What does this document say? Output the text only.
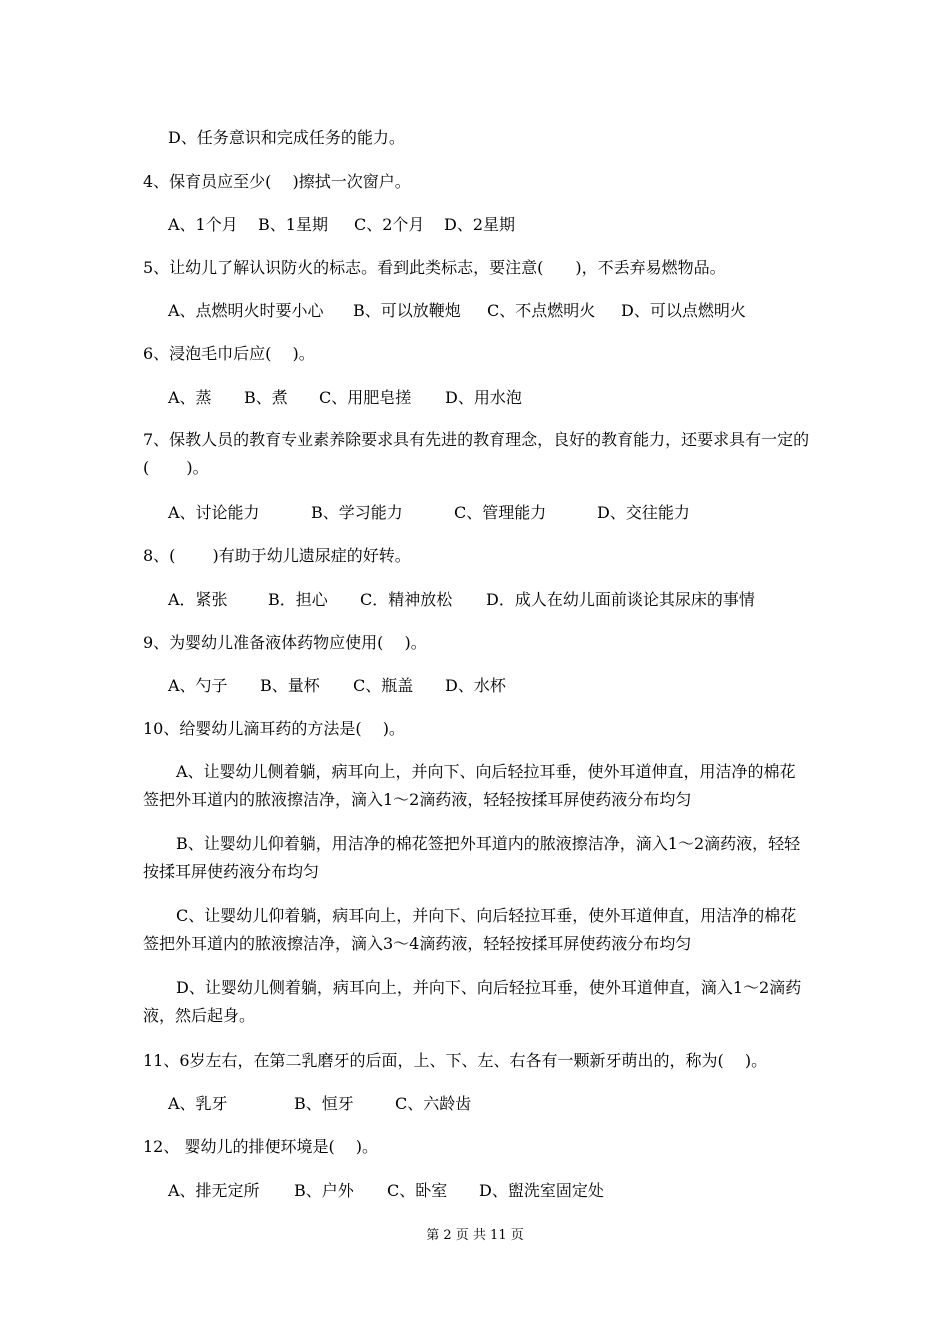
D、任务意识和完成任务的能力。
4、保育员应至少(　 )擦拭一次窗户。
A、1个月 B、1星期 C、2个月 D、2星期
5、让幼儿了解认识防火的标志。看到此类标志，要注意(　　)，不丢弃易燃物品。
A、点燃明火时要小心 B、可以放鞭炮 C、不点燃明火 D、可以点燃明火
6、浸泡毛巾后应( 　)。
A、蒸 B、煮 C、用肥皂搓 D、用水泡
7、保教人员的教育专业素养除要求具有先进的教育理念，良好的教育能力，还要求具有一定的(　　 )。
A、讨论能力	B、学习能力	C、管理能力	D、交往能力
8、(　　 )有助于幼儿遗尿症的好转。
A．紧张	B．担心 C．精神放松 D．成人在幼儿面前谈论其尿床的事情
9、为婴幼儿准备液体药物应使用(　 )。
A、勺子 B、量杯 C、瓶盖 D、水杯
10、给婴幼儿滴耳药的方法是(　 )。
A、让婴幼儿侧着躺，病耳向上，并向下、向后轻拉耳垂，使外耳道伸直，用洁净的棉花签把外耳道内的脓液擦洁净，滴入1～2滴药液，轻轻按揉耳屏使药液分布均匀
B、让婴幼儿仰着躺，用洁净的棉花签把外耳道内的脓液擦洁净，滴入1～2滴药液，轻轻按揉耳屏使药液分布均匀
C、让婴幼儿仰着躺，病耳向上，并向下、向后轻拉耳垂，使外耳道伸直，用洁净的棉花签把外耳道内的脓液擦洁净，滴入3～4滴药液，轻轻按揉耳屏使药液分布均匀
D、让婴幼儿侧着躺，病耳向上，并向下、向后轻拉耳垂，使外耳道伸直，滴入1～2滴药液，然后起身。
11、6岁左右，在第二乳磨牙的后面，上、下、左、右各有一颗新牙萌出的，称为(　 )。
A、乳牙	B、恒牙	C、六龄齿
12、 婴幼儿的排便环境是(　 )。
A、排无定所 B、户外 C、卧室 D、盥洗室固定处
第 2 页 共 11 页
